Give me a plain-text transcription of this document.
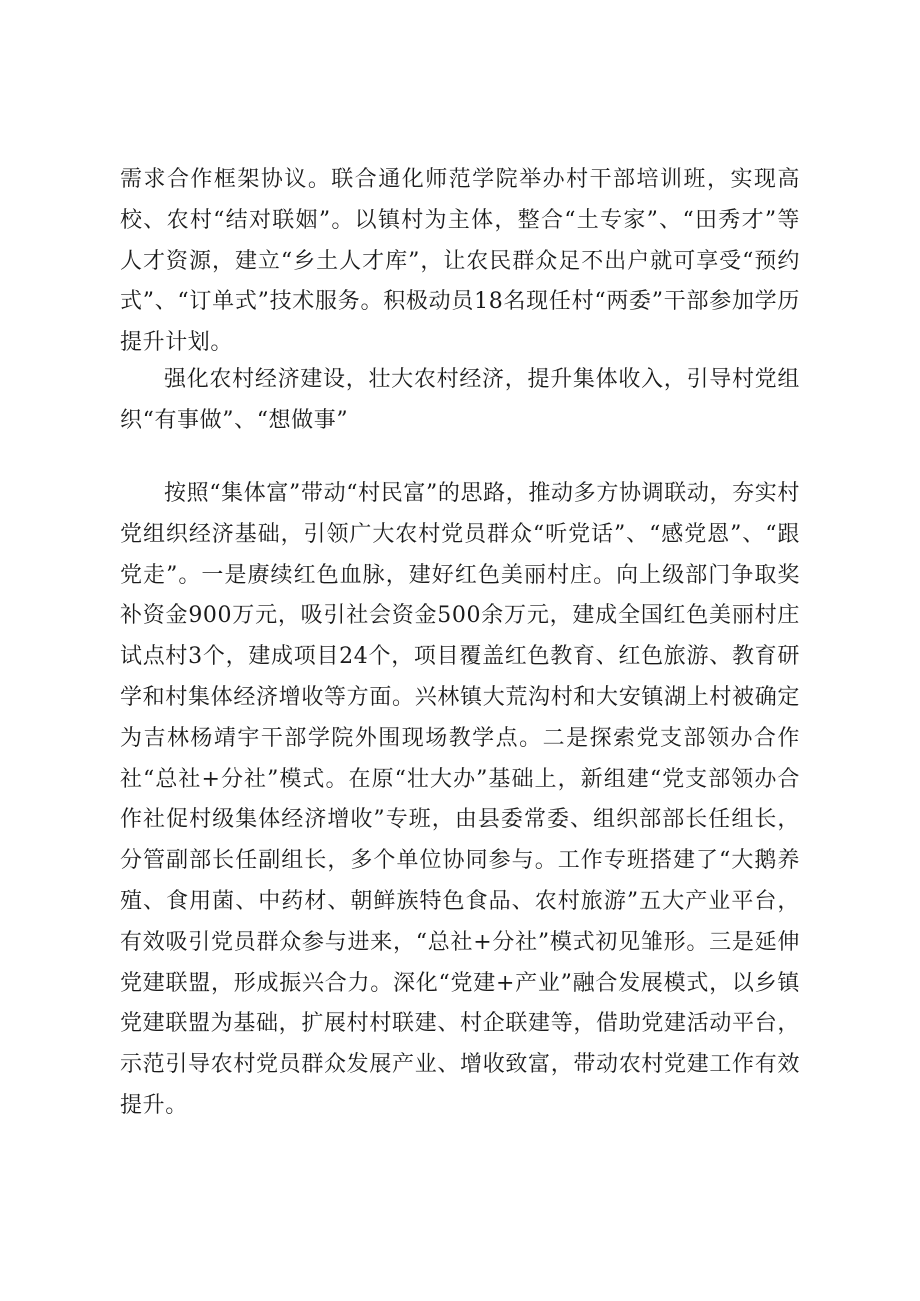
需求合作框架协议。联合通化师范学院举办村干部培训班，实现高校、农村“结对联姻”。以镇村为主体，整合“土专家”、“田秀才”等人才资源，建立“乡土人才库”，让农民群众足不出户就可享受“预约式”、“订单式”技术服务。积极动员18名现任村“两委”干部参加学历提升计划。

强化农村经济建设，壮大农村经济，提升集体收入，引导村党组织“有事做”、“想做事”

按照“集体富”带动“村民富”的思路，推动多方协调联动，夯实村党组织经济基础，引领广大农村党员群众“听党话”、“感党恩”、“跟党走”。一是赓续红色血脉，建好红色美丽村庄。向上级部门争取奖补资金900万元，吸引社会资金500余万元，建成全国红色美丽村庄试点村3个，建成项目24个，项目覆盖红色教育、红色旅游、教育研学和村集体经济增收等方面。兴林镇大荒沟村和大安镇湖上村被确定为吉林杨靖宇干部学院外围现场教学点。二是探索党支部领办合作社“总社+分社”模式。在原“壮大办”基础上，新组建“党支部领办合作社促村级集体经济增收”专班，由县委常委、组织部部长任组长，分管副部长任副组长，多个单位协同参与。工作专班搭建了“大鹅养殖、食用菌、中药材、朝鲜族特色食品、农村旅游”五大产业平台，有效吸引党员群众参与进来，“总社+分社”模式初见雏形。三是延伸党建联盟，形成振兴合力。深化“党建+产业”融合发展模式，以乡镇党建联盟为基础，扩展村村联建、村企联建等，借助党建活动平台，示范引导农村党员群众发展产业、增收致富，带动农村党建工作有效提升。
